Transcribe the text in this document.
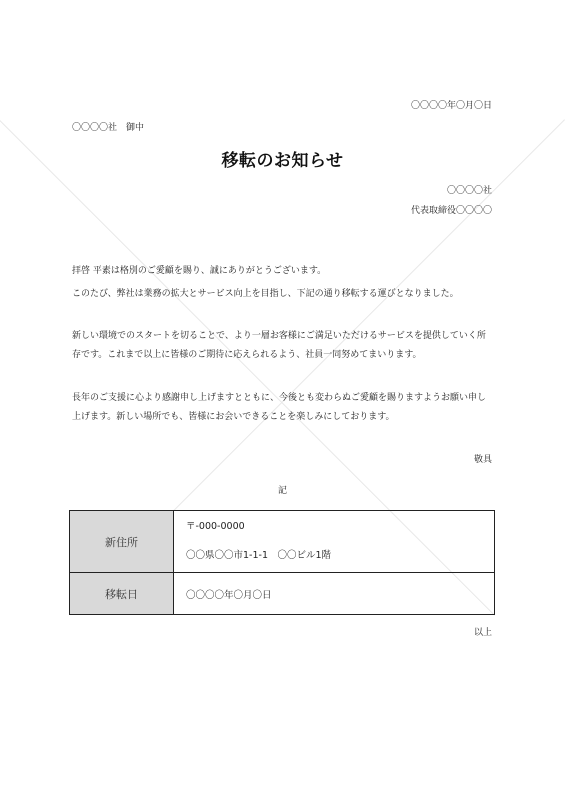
〇〇〇〇年〇月〇日
〇〇〇〇社　御中
移転のお知らせ
〇〇〇〇社
代表取締役〇〇〇〇
拝啓 平素は格別のご愛顧を賜り、誠にありがとうございます。
このたび、弊社は業務の拡大とサービス向上を目指し、下記の通り移転する運びとなりました。
新しい環境でのスタートを切ることで、より一層お客様にご満足いただけるサービスを提供していく所存です。これまで以上に皆様のご期待に応えられるよう、社員一同努めてまいります。
長年のご支援に心より感謝申し上げますとともに、今後とも変わらぬご愛顧を賜りますようお願い申し上げます。新しい場所でも、皆様にお会いできることを楽しみにしております。
敬具
記
新住所	〒-000-0000
〇〇県〇〇市1-1-1　〇〇ビル1階

移転日	〇〇〇〇年〇月〇日
以上
